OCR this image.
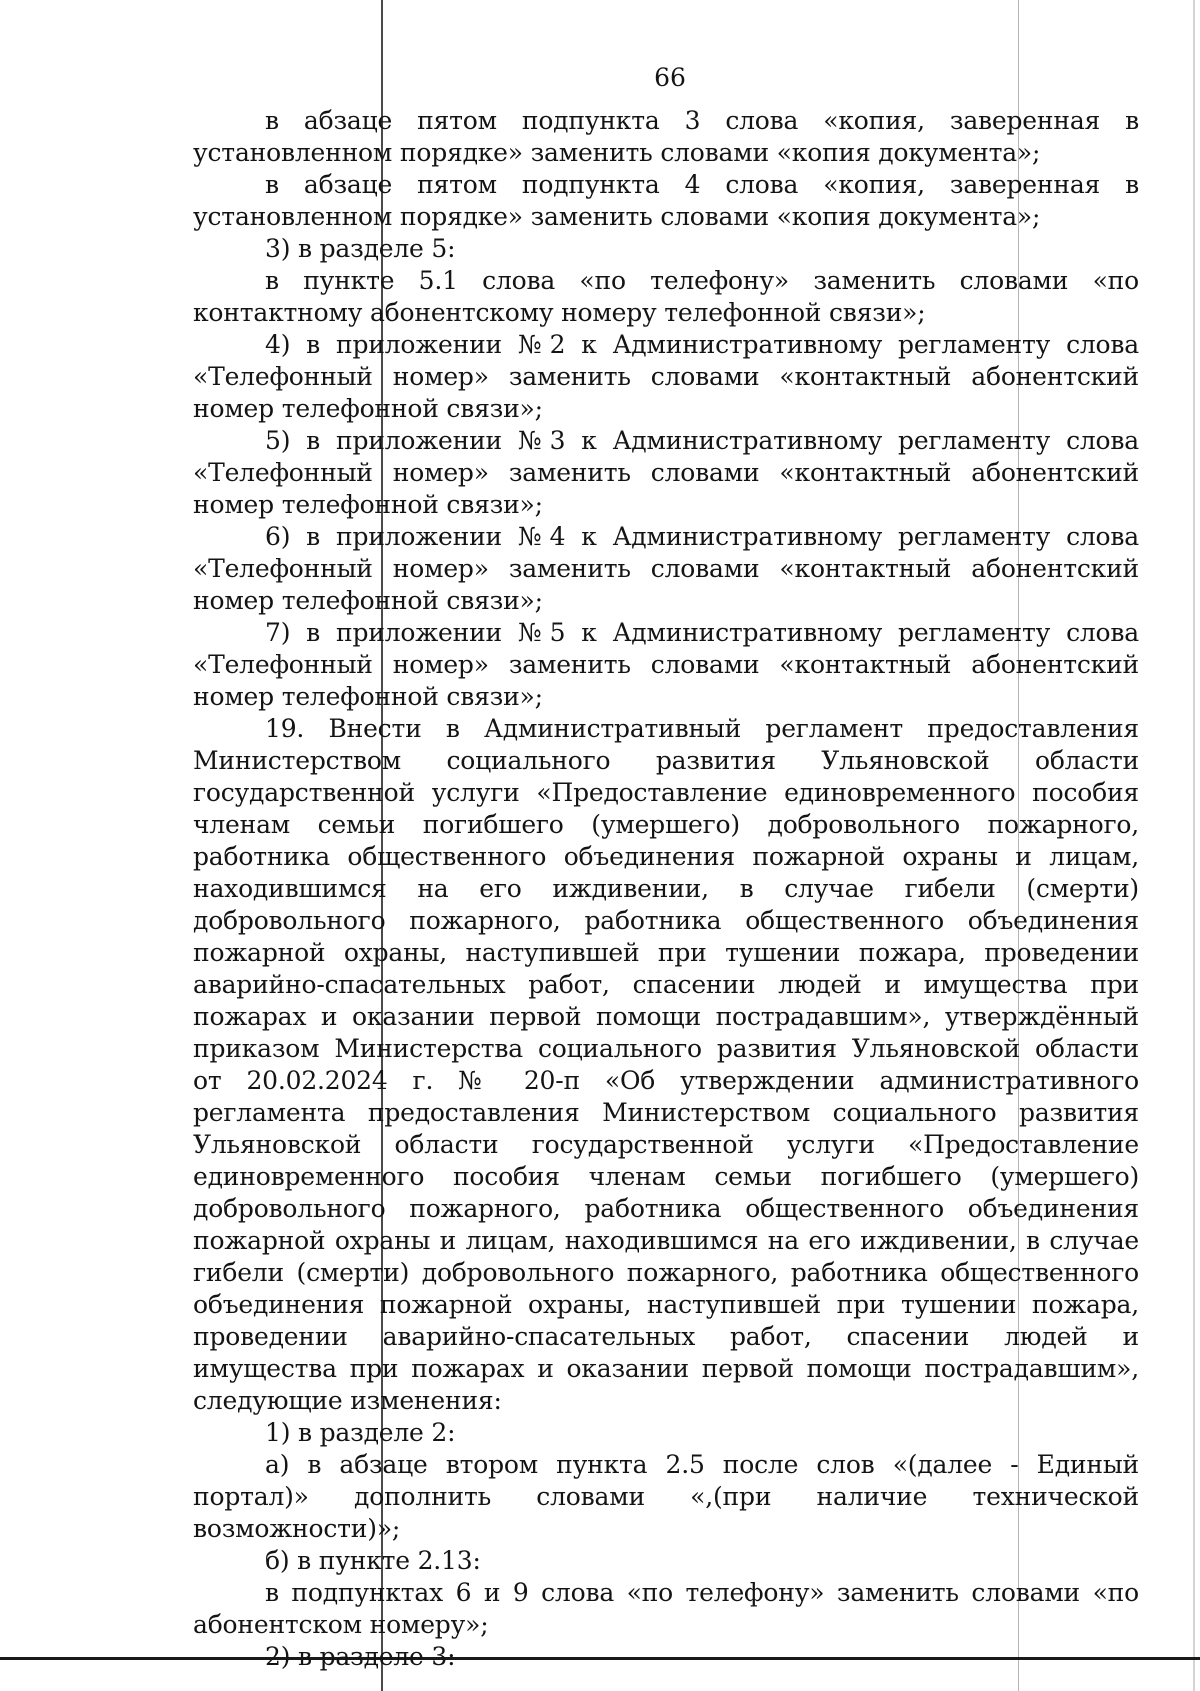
66

в абзаце пятом подпункта 3 слова «копия, заверенная в установленном порядке» заменить словами «копия документа»;

в абзаце пятом подпункта 4 слова «копия, заверенная в установленном порядке» заменить словами «копия документа»;

3) в разделе 5:

в пункте 5.1 слова «по телефону» заменить словами «по контактному абонентскому номеру телефонной связи»;

4) в приложении №2 к Административному регламенту слова «Телефонный номер» заменить словами «контактный абонентский номер телефонной связи»;

5) в приложении №3 к Административному регламенту слова «Телефонный номер» заменить словами «контактный абонентский номер телефонной связи»;

6) в приложении №4 к Административному регламенту слова «Телефонный номер» заменить словами «контактный абонентский номер телефонной связи»;

7) в приложении №5 к Административному регламенту слова «Телефонный номер» заменить словами «контактный абонентский номер телефонной связи»;

19. Внести в Административный регламент предоставления Министерством социального развития Ульяновской области государственной услуги «Предоставление единовременного пособия членам семьи погибшего (умершего) добровольного пожарного, работника общественного объединения пожарной охраны и лицам, находившимся на его иждивении, в случае гибели (смерти) добровольного пожарного, работника общественного объединения пожарной охраны, наступившей при тушении пожара, проведении аварийно-спасательных работ, спасении людей и имущества при пожарах и оказании первой помощи пострадавшим», утверждённый приказом Министерства социального развития Ульяновской области от 20.02.2024 г. № 20-п «Об утверждении административного регламента предоставления Министерством социального развития Ульяновской области государственной услуги «Предоставление единовременного пособия членам семьи погибшего (умершего) добровольного пожарного, работника общественного объединения пожарной охраны и лицам, находившимся на его иждивении, в случае гибели (смерти) добровольного пожарного, работника общественного объединения пожарной охраны, наступившей при тушении пожара, проведении аварийно-спасательных работ, спасении людей и имущества при пожарах и оказании первой помощи пострадавшим», следующие изменения:

1) в разделе 2:

а) в абзаце втором пункта 2.5 после слов «(далее - Единый портал)» дополнить словами «,(при наличие технической возможности)»;

б) в пункте 2.13:

в подпунктах 6 и 9 слова «по телефону» заменить словами «по абонентском номеру»;

2) в разделе 3:
